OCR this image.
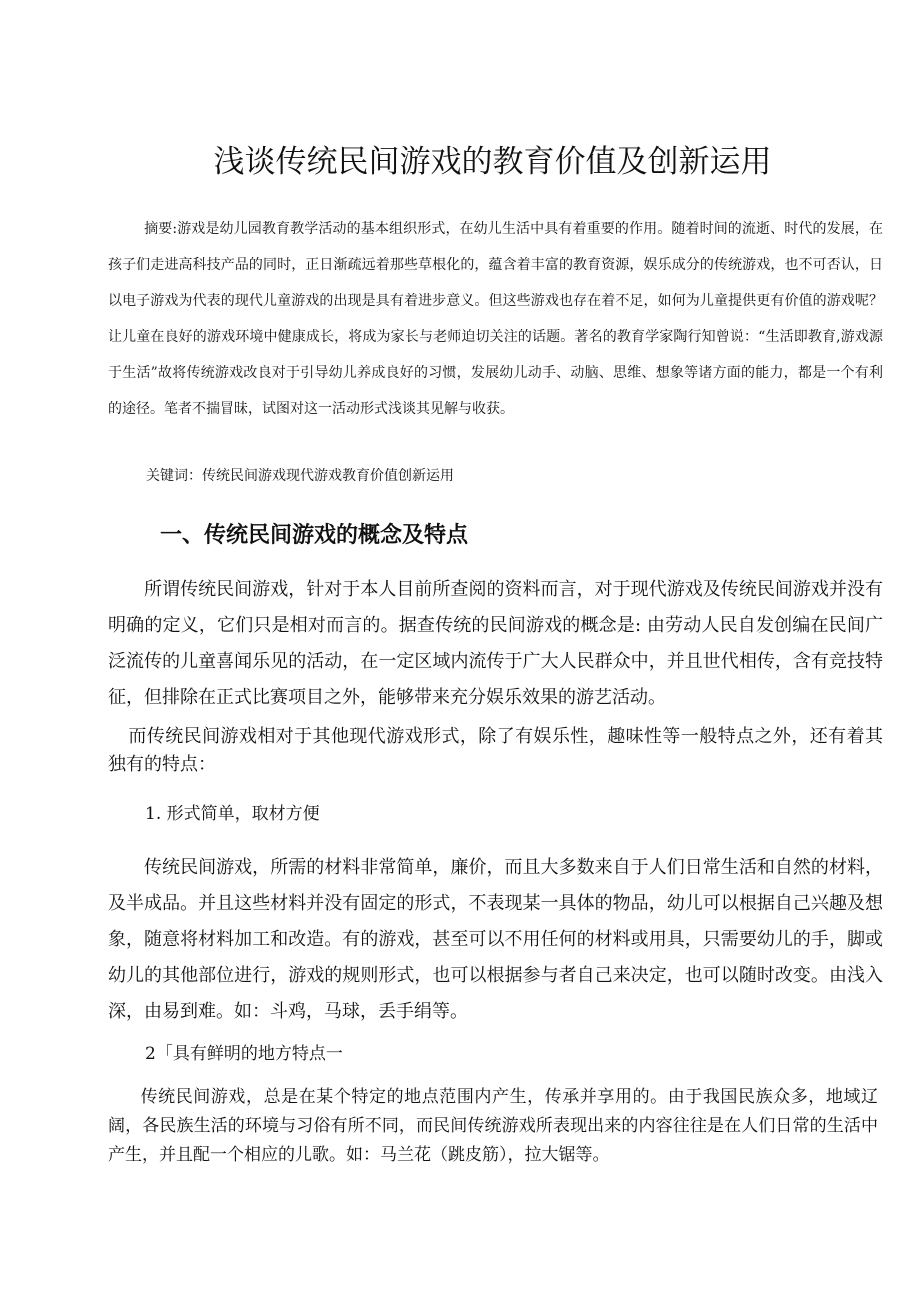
浅谈传统民间游戏的教育价值及创新运用

摘要:游戏是幼儿园教育教学活动的基本组织形式，在幼儿生活中具有着重要的作用。随着时间的流逝、时代的发展，在孩子们走进高科技产品的同时，正日渐疏远着那些草根化的，蕴含着丰富的教育资源，娱乐成分的传统游戏，也不可否认，日以电子游戏为代表的现代儿童游戏的出现是具有着进步意义。但这些游戏也存在着不足，如何为儿童提供更有价值的游戏呢？让儿童在良好的游戏环境中健康成长，将成为家长与老师迫切关注的话题。著名的教育学家陶行知曾说：“生活即教育,游戏源于生活”故将传统游戏改良对于引导幼儿养成良好的习惯，发展幼儿动手、动脑、思维、想象等诸方面的能力，都是一个有利的途径。笔者不揣冒昧，试图对这一活动形式浅谈其见解与收获。

关键词：传统民间游戏现代游戏教育价值创新运用

一、传统民间游戏的概念及特点

所谓传统民间游戏，针对于本人目前所查阅的资料而言，对于现代游戏及传统民间游戏并没有明确的定义，它们只是相对而言的。据查传统的民间游戏的概念是: 由劳动人民自发创编在民间广泛流传的儿童喜闻乐见的活动，在一定区域内流传于广大人民群众中，并且世代相传，含有竞技特征，但排除在正式比赛项目之外，能够带来充分娱乐效果的游艺活动。

而传统民间游戏相对于其他现代游戏形式，除了有娱乐性，趣味性等一般特点之外，还有着其独有的特点：

1. 形式简单，取材方便

传统民间游戏，所需的材料非常简单，廉价，而且大多数来自于人们日常生活和自然的材料，及半成品。并且这些材料并没有固定的形式，不表现某一具体的物品，幼儿可以根据自己兴趣及想象，随意将材料加工和改造。有的游戏，甚至可以不用任何的材料或用具，只需要幼儿的手，脚或幼儿的其他部位进行，游戏的规则形式，也可以根据参与者自己来决定，也可以随时改变。由浅入深，由易到难。如：斗鸡，马球，丢手绢等。

2「具有鲜明的地方特点一

传统民间游戏，总是在某个特定的地点范围内产生，传承并享用的。由于我国民族众多，地域辽阔，各民族生活的环境与习俗有所不同，而民间传统游戏所表现出来的内容往往是在人们日常的生活中产生，并且配一个相应的儿歌。如：马兰花（跳皮筋），拉大锯等。
